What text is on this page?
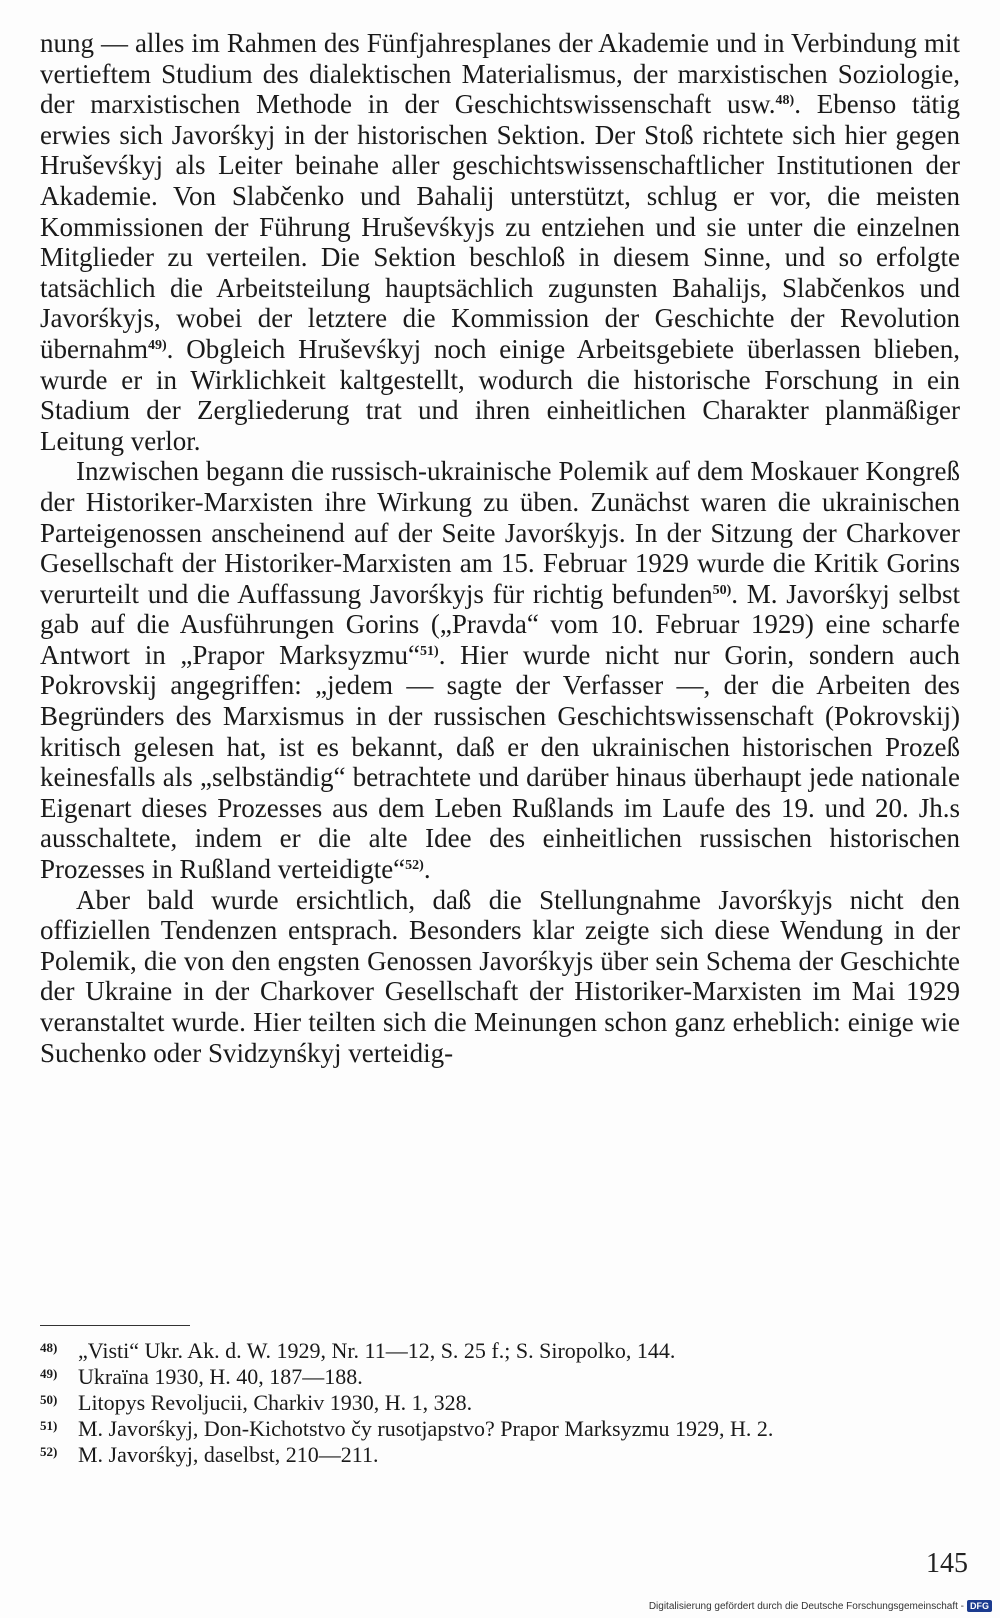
nung — alles im Rahmen des Fünfjahresplanes der Akademie und in Verbindung mit vertieftem Studium des dialektischen Materialismus, der marxistischen Soziologie, der marxistischen Methode in der Geschichtswissenschaft usw.$^{48)}$. Ebenso tätig erwies sich Javorśkyj in der historischen Sektion. Der Stoß richtete sich hier gegen Hruševśkyj als Leiter beinahe aller geschichtswissenschaftlicher Institutionen der Akademie. Von Slabčenko und Bahalij unterstützt, schlug er vor, die meisten Kommissionen der Führung Hruševśkyjs zu entziehen und sie unter die einzelnen Mitglieder zu verteilen. Die Sektion beschloß in diesem Sinne, und so erfolgte tatsächlich die Arbeitsteilung hauptsächlich zugunsten Bahalijs, Slabčenkos und Javorśkyjs, wobei der letztere die Kommission der Geschichte der Revolution übernahm$^{49)}$. Obgleich Hruševśkyj noch einige Arbeitsgebiete überlassen blieben, wurde er in Wirklichkeit kaltgestellt, wodurch die historische Forschung in ein Stadium der Zergliederung trat und ihren einheitlichen Charakter planmäßiger Leitung verlor.

Inzwischen begann die russisch-ukrainische Polemik auf dem Moskauer Kongreß der Historiker-Marxisten ihre Wirkung zu üben. Zunächst waren die ukrainischen Parteigenossen anscheinend auf der Seite Javorśkyjs. In der Sitzung der Charkover Gesellschaft der Historiker-Marxisten am 15. Februar 1929 wurde die Kritik Gorins verurteilt und die Auffassung Javorśkyjs für richtig befunden$^{50)}$. M. Javorśkyj selbst gab auf die Ausführungen Gorins („Pravda“ vom 10. Februar 1929) eine scharfe Antwort in „Prapor Marksyzmu“$^{51)}$. Hier wurde nicht nur Gorin, sondern auch Pokrovskij angegriffen: „jedem — sagte der Verfasser —, der die Arbeiten des Begründers des Marxismus in der russischen Geschichtswissenschaft (Pokrovskij) kritisch gelesen hat, ist es bekannt, daß er den ukrainischen historischen Prozeß keinesfalls als „selbständig“ betrachtete und darüber hinaus überhaupt jede nationale Eigenart dieses Prozesses aus dem Leben Rußlands im Laufe des 19. und 20. Jh.s ausschaltete, indem er die alte Idee des einheitlichen russischen historischen Prozesses in Rußland verteidigte“$^{52)}$.

Aber bald wurde ersichtlich, daß die Stellungnahme Javorśkyjs nicht den offiziellen Tendenzen entsprach. Besonders klar zeigte sich diese Wendung in der Polemik, die von den engsten Genossen Javorśkyjs über sein Schema der Geschichte der Ukraine in der Charkover Gesellschaft der Historiker-Marxisten im Mai 1929 veranstaltet wurde. Hier teilten sich die Meinungen schon ganz erheblich: einige wie Suchenko oder Svidzynśkyj verteidig-

48) „Visti“ Ukr. Ak. d. W. 1929, Nr. 11—12, S. 25 f.; S. Siropolko, 144.

49) Ukraïna 1930, H. 40, 187—188.

50) Litopys Revoljucii, Charkiv 1930, H. 1, 328.

51) M. Javorśkyj, Don-Kichotstvo čy rusotjapstvo? Prapor Marksyzmu 1929, H. 2.

52) M. Javorśkyj, daselbst, 210—211.

145
Digitalisierung gefördert durch die Deutsche Forschungsgemeinschaft - DFG
